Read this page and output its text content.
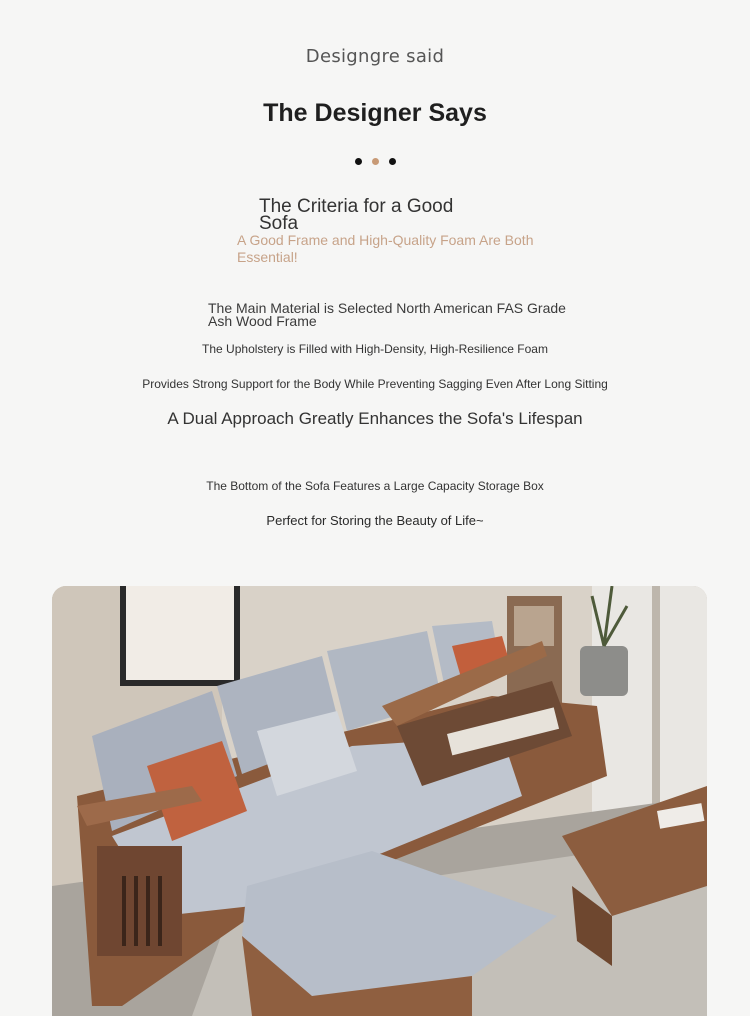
Designgre said
The Designer Says
The Criteria for a Good Sofa
A Good Frame and High-Quality Foam Are Both Essential!
The Main Material is Selected North American FAS Grade Ash Wood Frame
The Upholstery is Filled with High-Density, High-Resilience Foam
Provides Strong Support for the Body While Preventing Sagging Even After Long Sitting
A Dual Approach Greatly Enhances the Sofa's Lifespan
The Bottom of the Sofa Features a Large Capacity Storage Box
Perfect for Storing the Beauty of Life~
